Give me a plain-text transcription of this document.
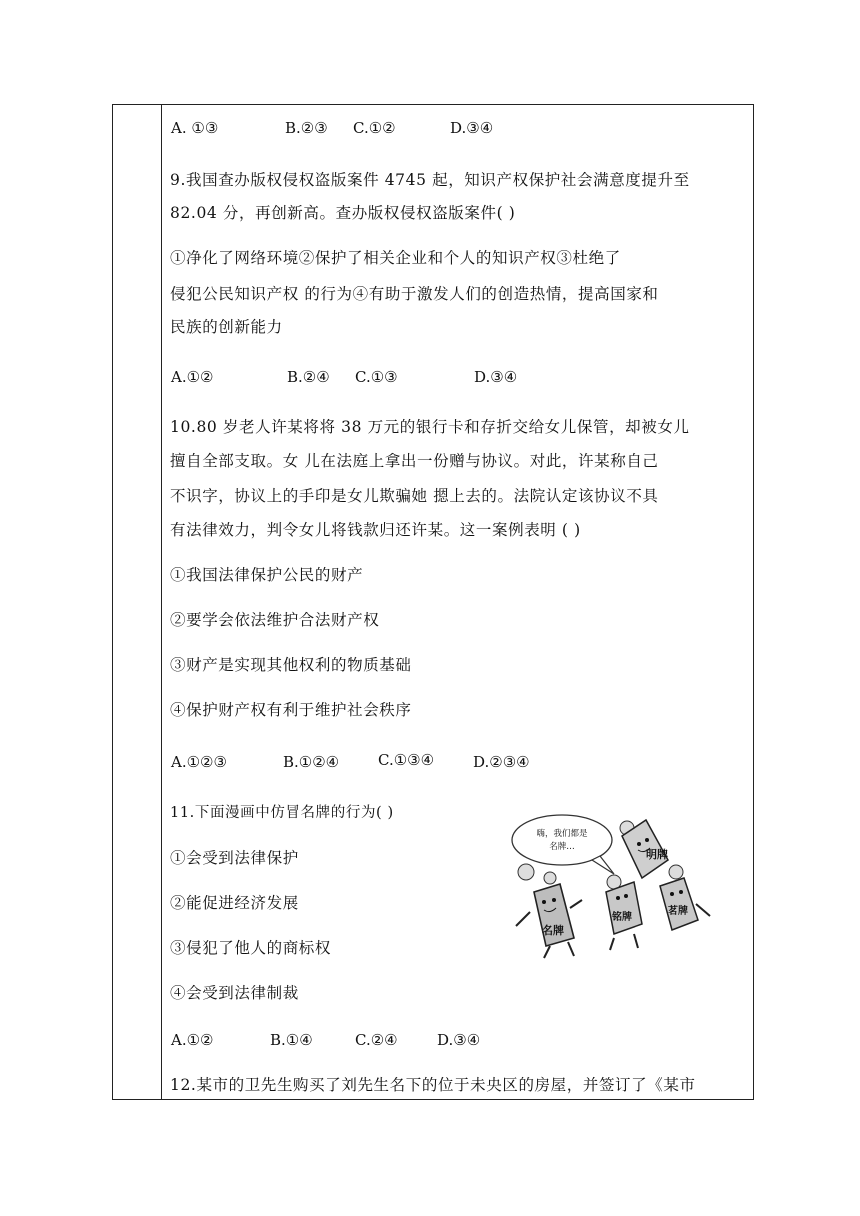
A. ①③	B.②③ C.①②	D.③④
9.我国查办版权侵权盗版案件 4745 起，知识产权保护社会满意度提升至
82.04 分，再创新高。查办版权侵权盗版案件( )
①净化了网络环境②保护了相关企业和个人的知识产权③杜绝了
侵犯公民知识产权 的行为④有助于激发人们的创造热情，提高国家和
民族的创新能力
A.①②	B.②④ C.①③	D.③④
10.80 岁老人许某将将 38 万元的银行卡和存折交给女儿保管，却被女儿
擅自全部支取。女 儿在法庭上拿出一份赠与协议。对此，许某称自己
不识字，协议上的手印是女儿欺骗她 摁上去的。法院认定该协议不具
有法律效力，判令女儿将钱款归还许某。这一案例表明 ( )
①我国法律保护公民的财产
②要学会依法维护合法财产权
③财产是实现其他权利的物质基础
④保护财产权有利于维护社会秩序
A.①②③	B.①②④	C.①③④	D.②③④
11.下面漫画中仿冒名牌的行为( )
①会受到法律保护
②能促进经济发展
③侵犯了他人的商标权
④会受到法律制裁
A.①②	B.①④	C.②④	D.③④
嗨，我们都是
名牌…
明牌
铭牌
茗牌
名牌
12.某市的卫先生购买了刘先生名下的位于未央区的房屋，并签订了《某市
